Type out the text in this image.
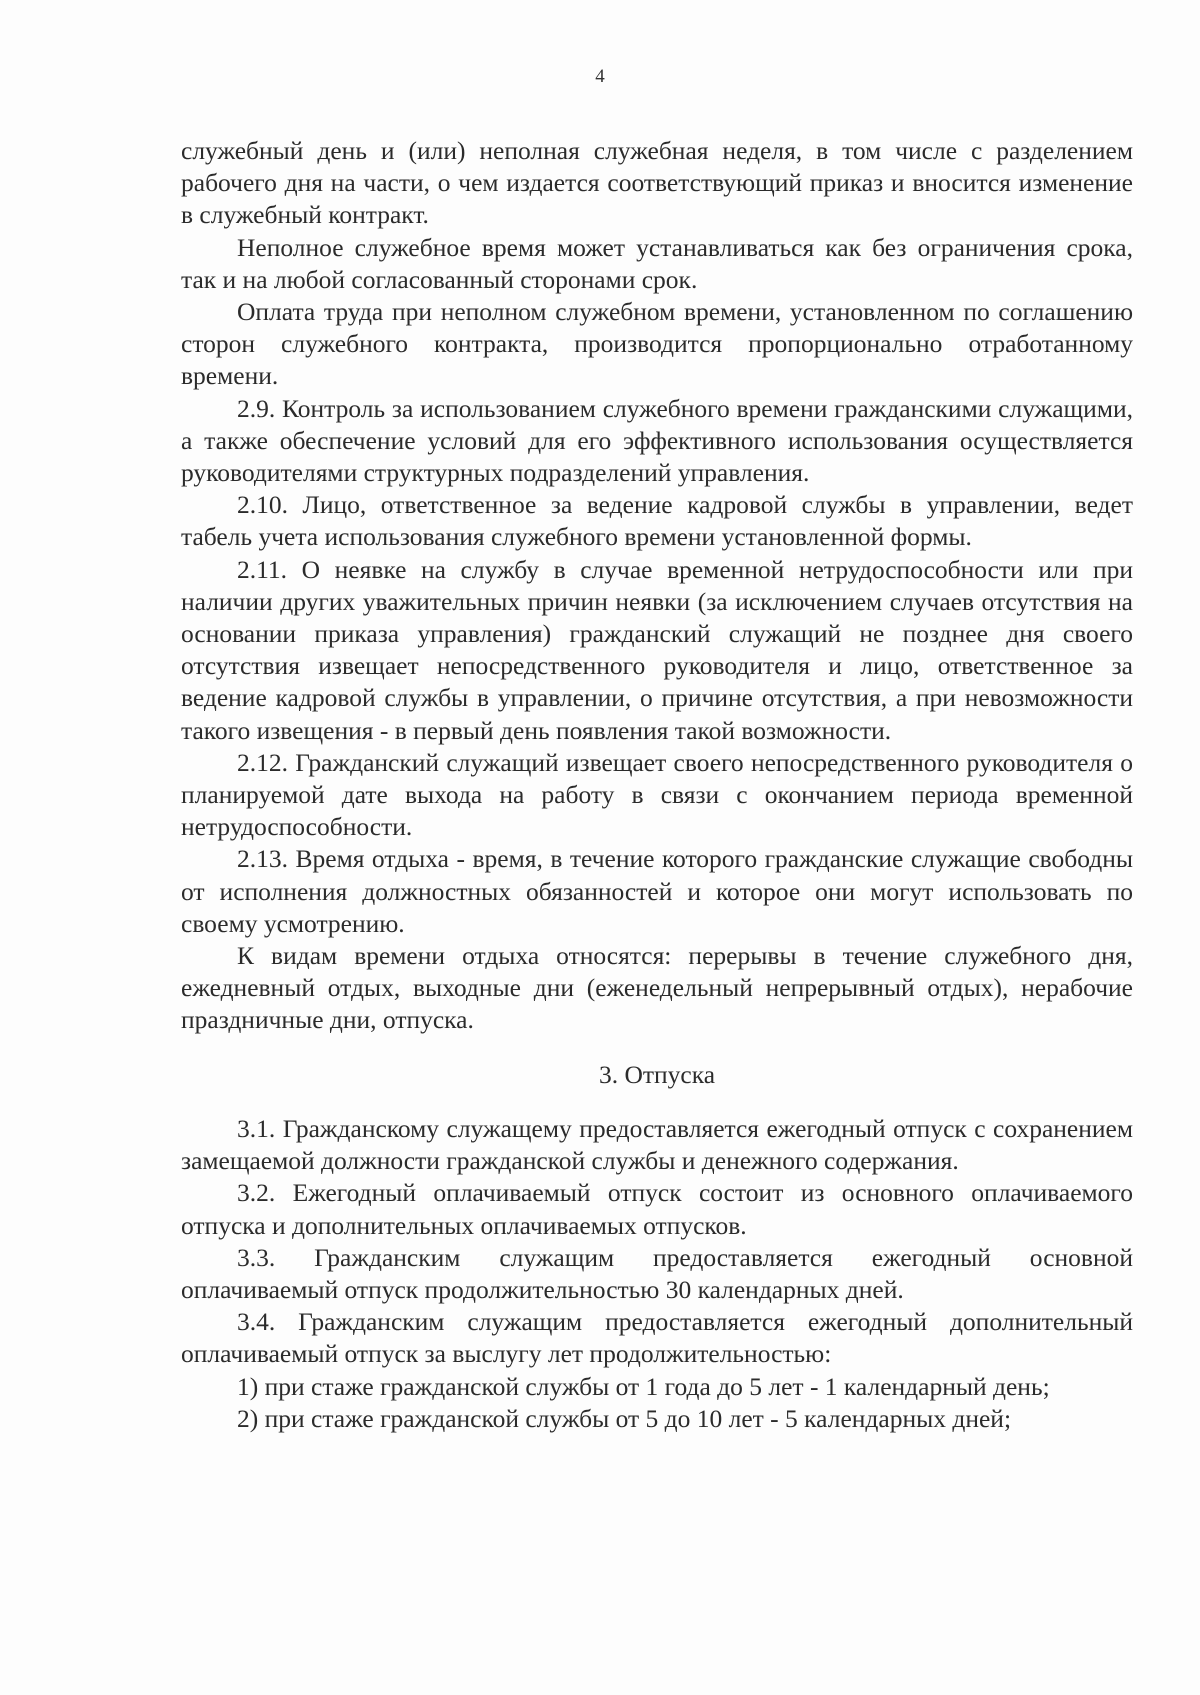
4

служебный день и (или) неполная служебная неделя, в том числе с разделением рабочего дня на части, о чем издается соответствующий приказ и вносится изменение в служебный контракт.

Неполное служебное время может устанавливаться как без ограничения срока, так и на любой согласованный сторонами срок.

Оплата труда при неполном служебном времени, установленном по соглашению сторон служебного контракта, производится пропорционально отработанному времени.

2.9. Контроль за использованием служебного времени гражданскими служащими, а также обеспечение условий для его эффективного использования осуществляется руководителями структурных подразделений управления.

2.10. Лицо, ответственное за ведение кадровой службы в управлении, ведет табель учета использования служебного времени установленной формы.

2.11. О неявке на службу в случае временной нетрудоспособности или при наличии других уважительных причин неявки (за исключением случаев отсутствия на основании приказа управления) гражданский служащий не позднее дня своего отсутствия извещает непосредственного руководителя и лицо, ответственное за ведение кадровой службы в управлении, о причине отсутствия, а при невозможности такого извещения - в первый день появления такой возможности.

2.12. Гражданский служащий извещает своего непосредственного руководителя о планируемой дате выхода на работу в связи с окончанием периода временной нетрудоспособности.

2.13. Время отдыха - время, в течение которого гражданские служащие свободны от исполнения должностных обязанностей и которое они могут использовать по своему усмотрению.

К видам времени отдыха относятся: перерывы в течение служебного дня, ежедневный отдых, выходные дни (еженедельный непрерывный отдых), нерабочие праздничные дни, отпуска.

3. Отпуска

3.1. Гражданскому служащему предоставляется ежегодный отпуск с сохранением замещаемой должности гражданской службы и денежного содержания.

3.2. Ежегодный оплачиваемый отпуск состоит из основного оплачиваемого отпуска и дополнительных оплачиваемых отпусков.

3.3. Гражданским служащим предоставляется ежегодный основной оплачиваемый отпуск продолжительностью 30 календарных дней.

3.4. Гражданским служащим предоставляется ежегодный дополнительный оплачиваемый отпуск за выслугу лет продолжительностью:

1) при стаже гражданской службы от 1 года до 5 лет - 1 календарный день;

2) при стаже гражданской службы от 5 до 10 лет - 5 календарных дней;
